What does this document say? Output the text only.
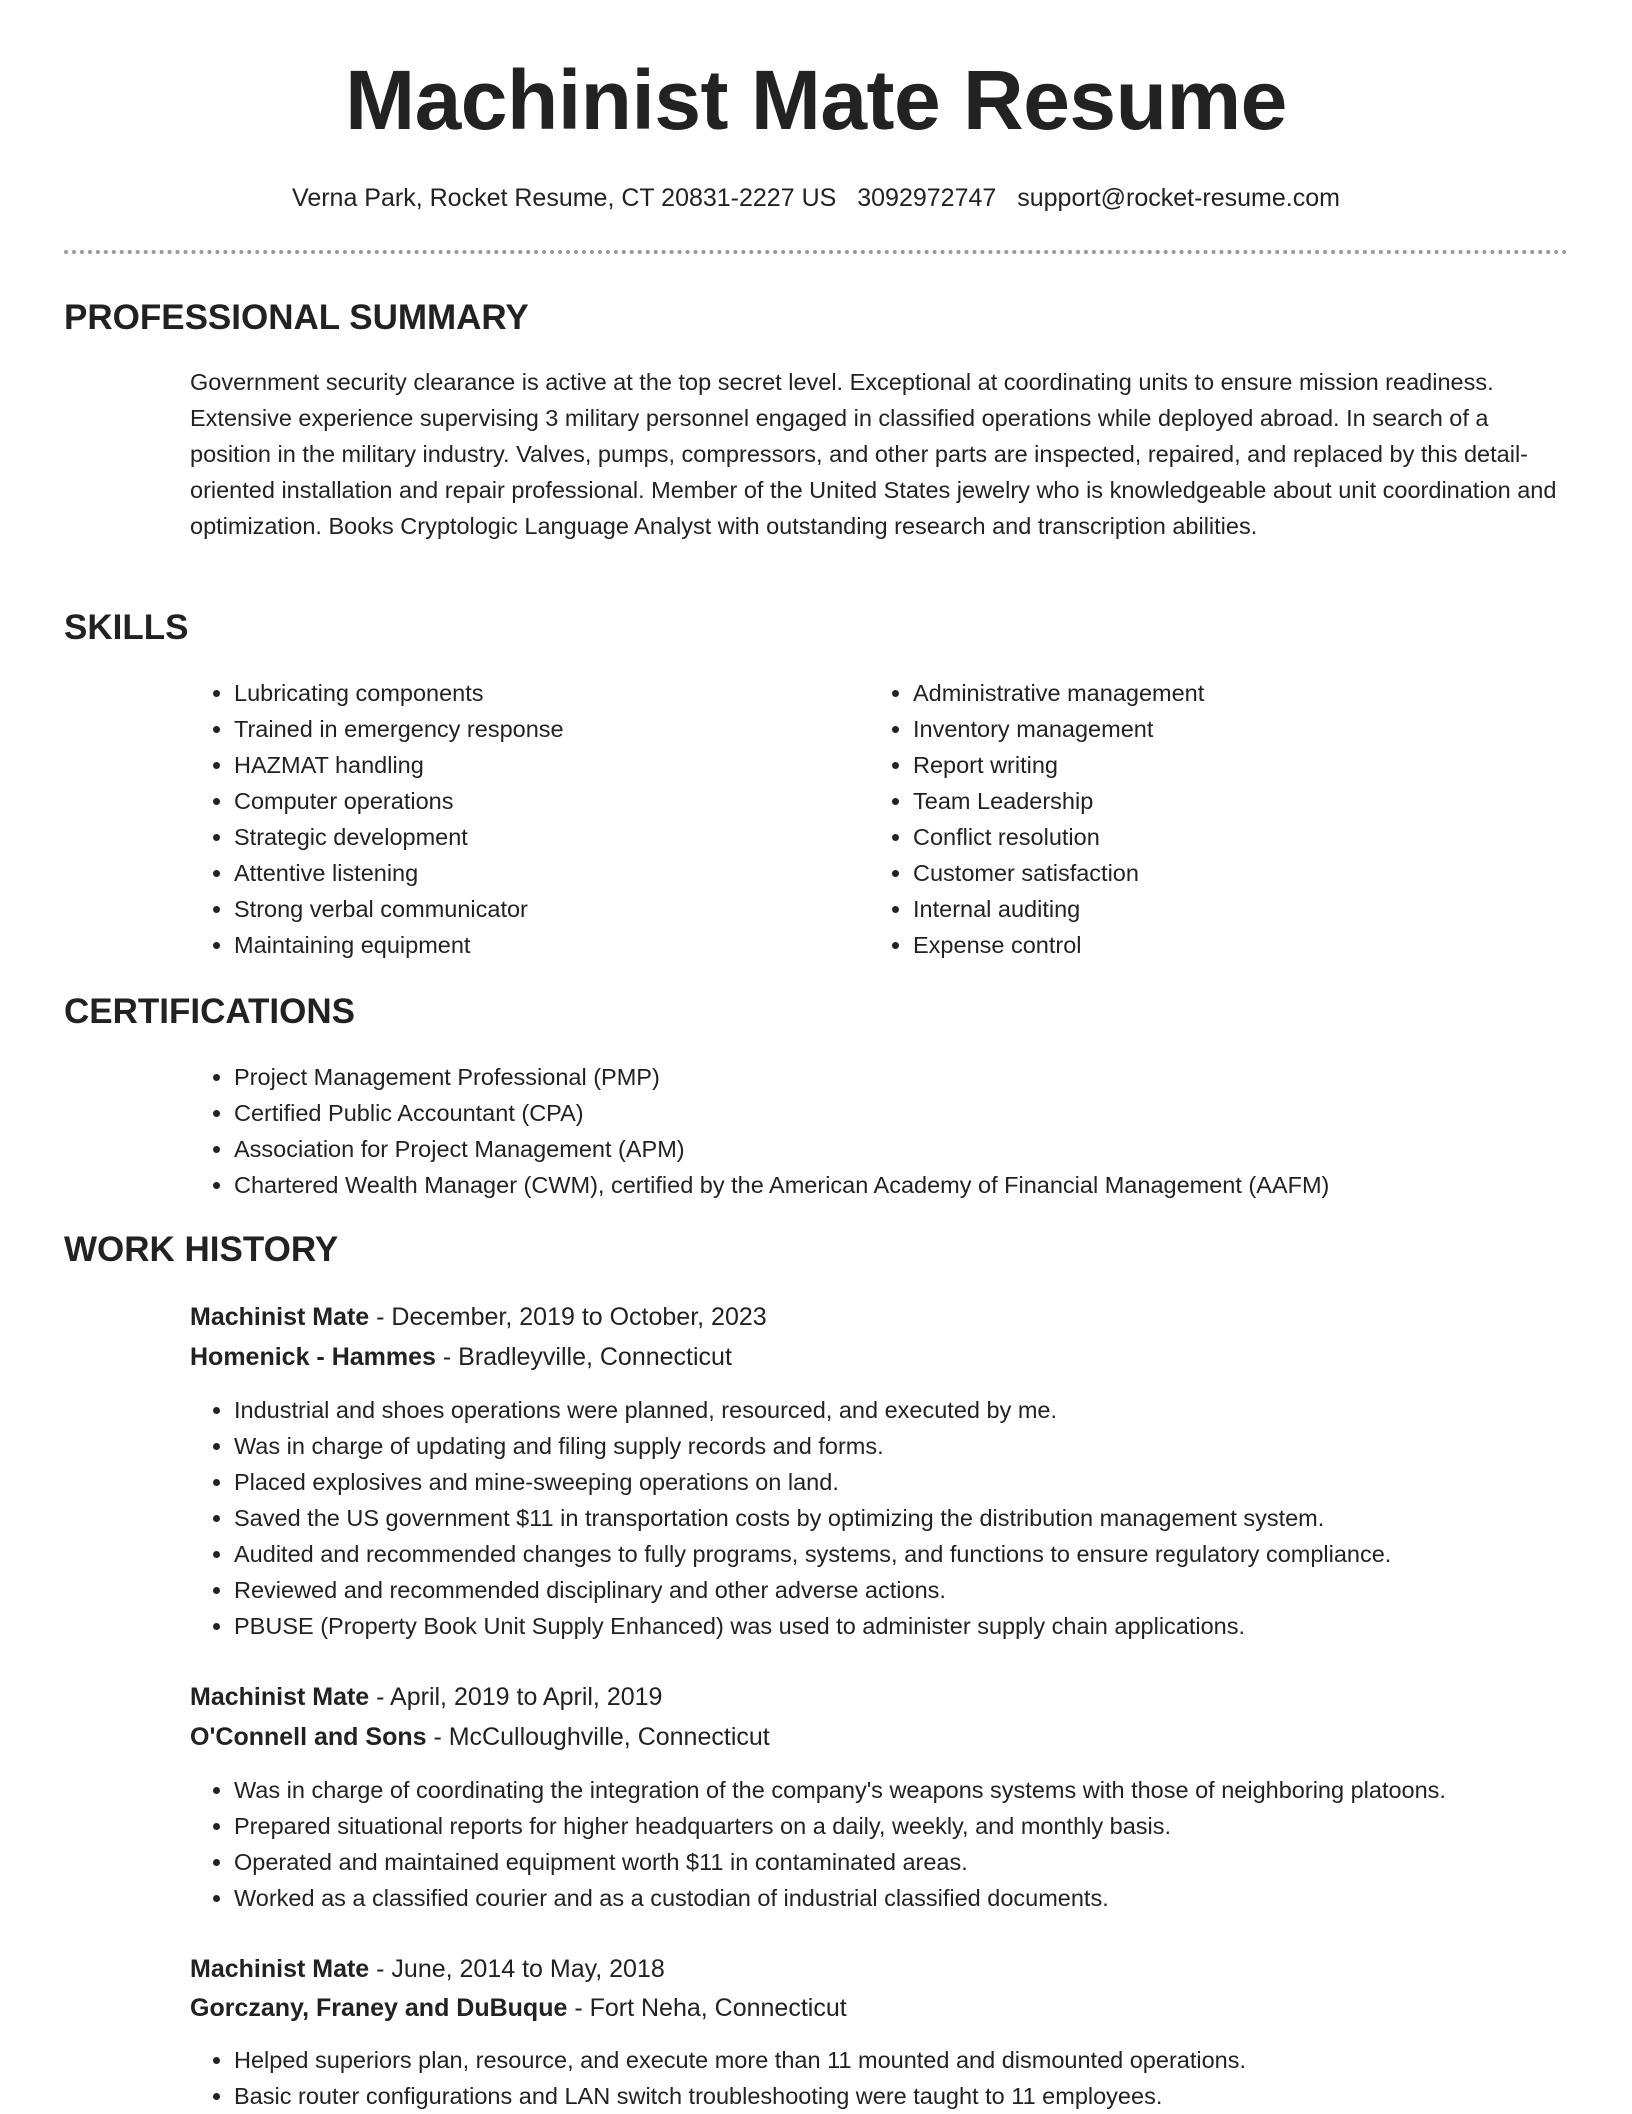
Machinist Mate Resume
Verna Park, Rocket Resume, CT 20831-2227 US 3092972747 support@rocket-resume.com
PROFESSIONAL SUMMARY

Government security clearance is active at the top secret level. Exceptional at coordinating units to ensure mission readiness. Extensive experience supervising 3 military personnel engaged in classified operations while deployed abroad. In search of a position in the military industry. Valves, pumps, compressors, and other parts are inspected, repaired, and replaced by this detail-oriented installation and repair professional. Member of the United States jewelry who is knowledgeable about unit coordination and optimization. Books Cryptologic Language Analyst with outstanding research and transcription abilities.

SKILLS
• Lubricating components
• Trained in emergency response
• HAZMAT handling
• Computer operations
• Strategic development
• Attentive listening
• Strong verbal communicator
• Maintaining equipment
• Administrative management
• Inventory management
• Report writing
• Team Leadership
• Conflict resolution
• Customer satisfaction
• Internal auditing
• Expense control
CERTIFICATIONS
• Project Management Professional (PMP)
• Certified Public Accountant (CPA)
• Association for Project Management (APM)
• Chartered Wealth Manager (CWM), certified by the American Academy of Financial Management (AAFM)
WORK HISTORY
Machinist Mate - December, 2019 to October, 2023
Homenick - Hammes - Bradleyville, Connecticut
• Industrial and shoes operations were planned, resourced, and executed by me.
• Was in charge of updating and filing supply records and forms.
• Placed explosives and mine-sweeping operations on land.
• Saved the US government $11 in transportation costs by optimizing the distribution management system.
• Audited and recommended changes to fully programs, systems, and functions to ensure regulatory compliance.
• Reviewed and recommended disciplinary and other adverse actions.
• PBUSE (Property Book Unit Supply Enhanced) was used to administer supply chain applications.
Machinist Mate - April, 2019 to April, 2019
O'Connell and Sons - McCulloughville, Connecticut
• Was in charge of coordinating the integration of the company's weapons systems with those of neighboring platoons.
• Prepared situational reports for higher headquarters on a daily, weekly, and monthly basis.
• Operated and maintained equipment worth $11 in contaminated areas.
• Worked as a classified courier and as a custodian of industrial classified documents.
Machinist Mate - June, 2014 to May, 2018
Gorczany, Franey and DuBuque - Fort Neha, Connecticut
• Helped superiors plan, resource, and execute more than 11 mounted and dismounted operations.
• Basic router configurations and LAN switch troubleshooting were taught to 11 employees.
